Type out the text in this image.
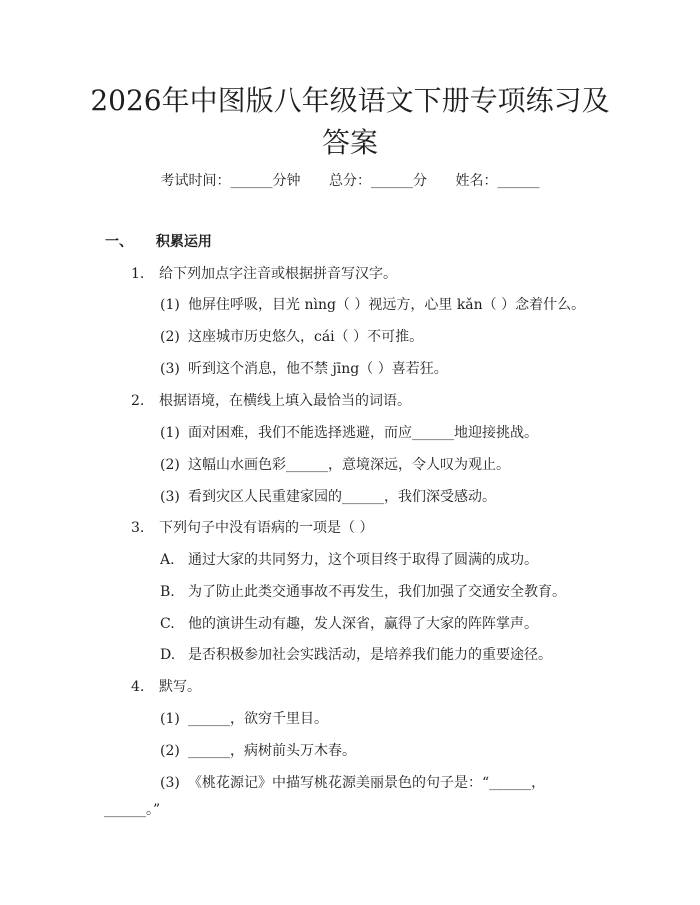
2026年中图版八年级语文下册专项练习及答案
考试时间：______分钟 总分：______分 姓名：______
一、 积累运用
1. 给下列加点字注音或根据拼音写汉字。
(1) 他屏住呼吸，目光 nìng（ ）视远方，心里 kǎn（ ）念着什么。
(2) 这座城市历史悠久，cái（ ）不可推。
(3) 听到这个消息，他不禁 jīng（ ）喜若狂。
2. 根据语境，在横线上填入最恰当的词语。
(1) 面对困难，我们不能选择逃避，而应______地迎接挑战。
(2) 这幅山水画色彩______，意境深远，令人叹为观止。
(3) 看到灾区人民重建家园的______，我们深受感动。
3. 下列句子中没有语病的一项是（ ）
A. 通过大家的共同努力，这个项目终于取得了圆满的成功。
B. 为了防止此类交通事故不再发生，我们加强了交通安全教育。
C. 他的演讲生动有趣，发人深省，赢得了大家的阵阵掌声。
D. 是否积极参加社会实践活动，是培养我们能力的重要途径。
4. 默写。
(1) ______，欲穷千里目。
(2) ______，病树前头万木春。
(3) 《桃花源记》中描写桃花源美丽景色的句子是：“______，
______。”
